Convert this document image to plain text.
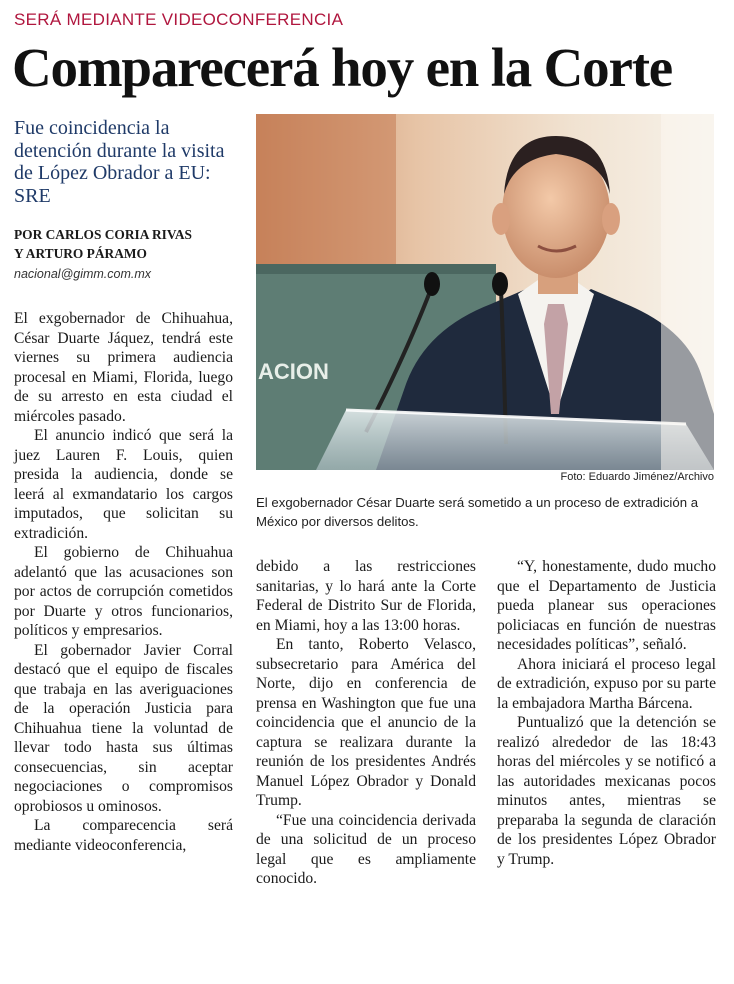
SERÁ MEDIANTE VIDEOCONFERENCIA
Comparecerá hoy en la Corte
Fue coincidencia la detención durante la visita de López Obrador a EU: SRE
POR CARLOS CORIA RIVAS
Y ARTURO PÁRAMO
nacional@gimm.com.mx

El exgobernador de Chihuahua, César Duarte Jáquez, tendrá este viernes su primera audiencia procesal en Miami, Florida, luego de su arresto en esta ciudad el miércoles pasado.

El anuncio indicó que será la juez Lauren F. Louis, quien presida la audiencia, donde se leerá al exmandatario los cargos imputados, que solicitan su extradición.

El gobierno de Chihuahua adelantó que las acusaciones son por actos de corrupción cometidos por Duarte y otros funcionarios, políticos y empresarios.

El gobernador Javier Corral destacó que el equipo de fiscales que trabaja en las averiguaciones de la operación Justicia para Chihuahua tiene la voluntad de llevar todo hasta sus últimas consecuencias, sin aceptar negociaciones o compromisos oprobiosos u ominosos.

La comparecencia será mediante videoconferencia,

ACION
Foto: Eduardo Jiménez/Archivo
El exgobernador César Duarte será sometido a un proceso de extradición a México por diversos delitos.

debido a las restricciones sanitarias, y lo hará ante la Corte Federal de Distrito Sur de Florida, en Miami, hoy a las 13:00 horas.

En tanto, Roberto Velasco, subsecretario para América del Norte, dijo en conferencia de prensa en Washington que fue una coincidencia que el anuncio de la captura se realizara durante la reunión de los presidentes Andrés Manuel López Obrador y Donald Trump.

“Fue una coincidencia derivada de una solicitud de un proceso legal que es ampliamente conocido.

“Y, honestamente, dudo mucho que el Departamento de Justicia pueda planear sus operaciones policiacas en función de nuestras necesidades políticas”, señaló.

Ahora iniciará el proceso legal de extradición, expuso por su parte la embajadora Martha Bárcena.

Puntualizó que la detención se realizó alrededor de las 18:43 horas del miércoles y se notificó a las autoridades mexicanas pocos minutos antes, mientras se preparaba la segunda de claración de los presidentes López Obrador y Trump.
